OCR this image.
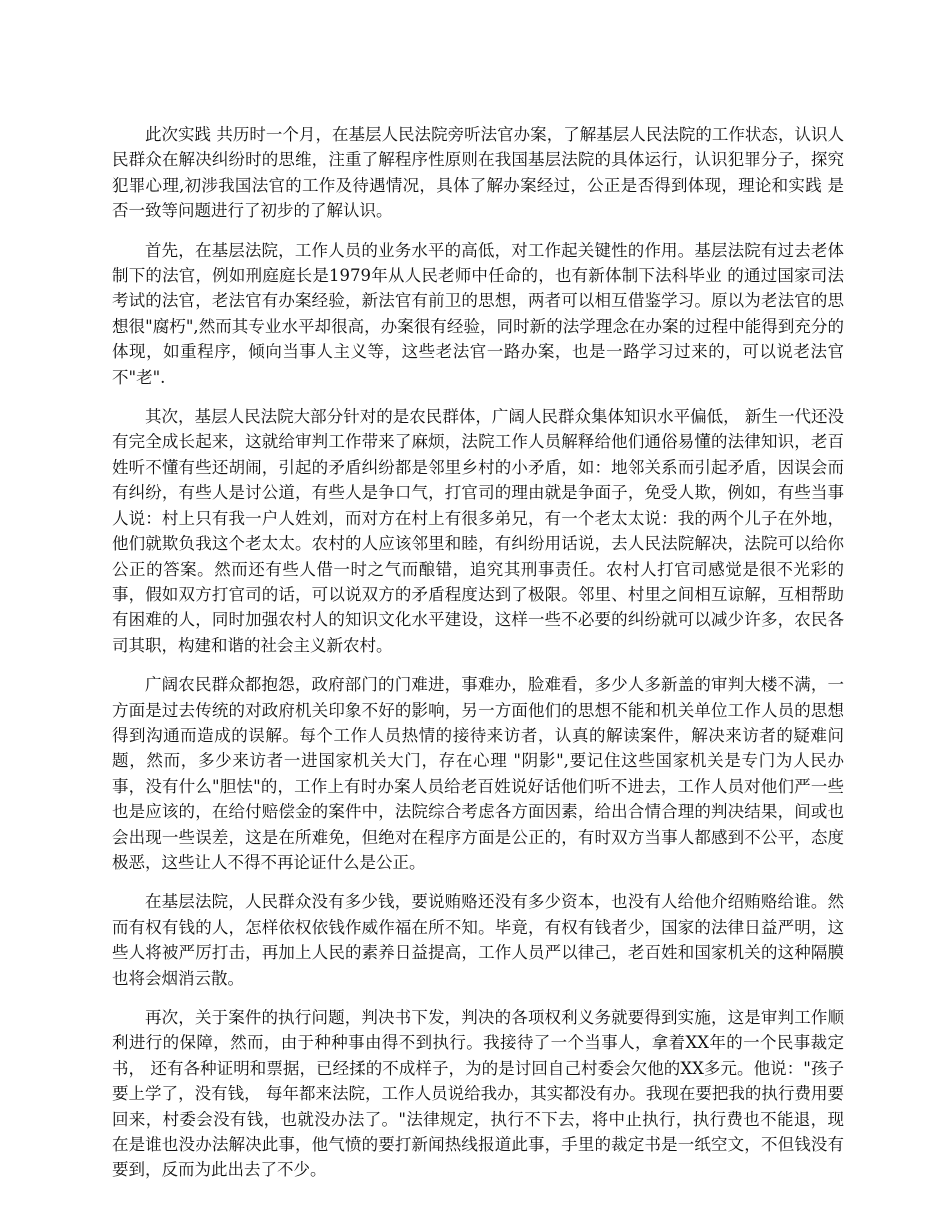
此次实践 共历时一个月，在基层人民法院旁听法官办案，了解基层人民法院的工作状态，认识人民群众在解决纠纷时的思维，注重了解程序性原则在我国基层法院的具体运行，认识犯罪分子，探究犯罪心理,初涉我国法官的工作及待遇情况，具体了解办案经过，公正是否得到体现，理论和实践 是否一致等问题进行了初步的了解认识。

首先，在基层法院，工作人员的业务水平的高低，对工作起关键性的作用。基层法院有过去老体制下的法官，例如刑庭庭长是1979年从人民老师中任命的，也有新体制下法科毕业 的通过国家司法考试的法官，老法官有办案经验，新法官有前卫的思想，两者可以相互借鉴学习。原以为老法官的思想很"腐朽",然而其专业水平却很高，办案很有经验，同时新的法学理念在办案的过程中能得到充分的体现，如重程序，倾向当事人主义等，这些老法官一路办案，也是一路学习过来的，可以说老法官不"老".

其次，基层人民法院大部分针对的是农民群体，广阔人民群众集体知识水平偏低， 新生一代还没有完全成长起来，这就给审判工作带来了麻烦，法院工作人员解释给他们通俗易懂的法律知识，老百姓听不懂有些还胡闹，引起的矛盾纠纷都是邻里乡村的小矛盾，如：地邻关系而引起矛盾，因误会而有纠纷，有些人是讨公道，有些人是争口气，打官司的理由就是争面子，免受人欺，例如，有些当事人说：村上只有我一户人姓刘，而对方在村上有很多弟兄，有一个老太太说：我的两个儿子在外地，他们就欺负我这个老太太。农村的人应该邻里和睦，有纠纷用话说，去人民法院解决，法院可以给你公正的答案。然而还有些人借一时之气而酿错，追究其刑事责任。农村人打官司感觉是很不光彩的事，假如双方打官司的话，可以说双方的矛盾程度达到了极限。邻里、村里之间相互谅解，互相帮助有困难的人，同时加强农村人的知识文化水平建设，这样一些不必要的纠纷就可以减少许多，农民各司其职，构建和谐的社会主义新农村。

广阔农民群众都抱怨，政府部门的门难进，事难办，脸难看，多少人多新盖的审判大楼不满，一方面是过去传统的对政府机关印象不好的影响，另一方面他们的思想不能和机关单位工作人员的思想得到沟通而造成的误解。每个工作人员热情的接待来访者，认真的解读案件，解决来访者的疑难问题，然而，多少来访者一进国家机关大门，存在心理 "阴影",要记住这些国家机关是专门为人民办事，没有什么"胆怯"的，工作上有时办案人员给老百姓说好话他们听不进去，工作人员对他们严一些也是应该的，在给付赔偿金的案件中，法院综合考虑各方面因素，给出合情合理的判决结果，间或也会出现一些误差，这是在所难免，但绝对在程序方面是公正的，有时双方当事人都感到不公平，态度极恶，这些让人不得不再论证什么是公正。

在基层法院，人民群众没有多少钱，要说贿赂还没有多少资本，也没有人给他介绍贿赂给谁。然而有权有钱的人，怎样依权依钱作威作福在所不知。毕竟，有权有钱者少，国家的法律日益严明，这些人将被严厉打击，再加上人民的素养日益提高，工作人员严以律己，老百姓和国家机关的这种隔膜也将会烟消云散。

再次，关于案件的执行问题，判决书下发，判决的各项权利义务就要得到实施，这是审判工作顺利进行的保障，然而，由于种种事由得不到执行。我接待了一个当事人，拿着XX年的一个民事裁定书， 还有各种证明和票据，已经揉的不成样子，为的是讨回自己村委会欠他的XX多元。他说："孩子要上学了，没有钱， 每年都来法院，工作人员说给我办，其实都没有办。我现在要把我的执行费用要回来，村委会没有钱，也就没办法了。"法律规定，执行不下去，将中止执行，执行费也不能退，现在是谁也没办法解决此事，他气愤的要打新闻热线报道此事，手里的裁定书是一纸空文，不但钱没有要到，反而为此出去了不少。
